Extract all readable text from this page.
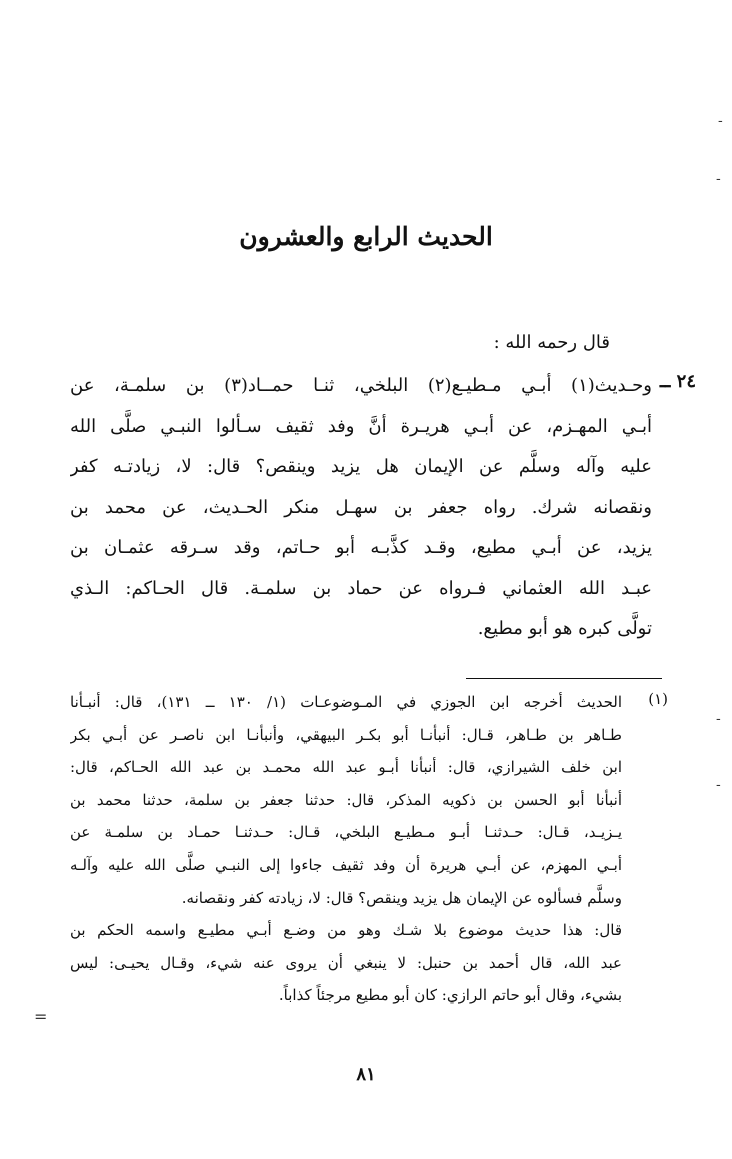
-
-
-
-
=
الحديث الرابع والعشرون
قال رحمه الله :
٢٤ ــ
وحـديث(١) أبـي مـطيـع(٢) البلخي، ثنـا حمــاد(٣) بن سلمـة، عن
أبـي المهـزم، عن أبـي هريـرة أنَّ وفد ثقيف سـألوا النبـي صلَّى الله
عليه وآله وسلَّم عن الإيمان هل يزيد وينقص؟ قال: لا، زيادتـه كفر
ونقصانه شرك. رواه جعفر بن سهـل منكر الحـديث، عن محمد بن
يزيد، عن أبـي مطيع، وقـد كذَّبـه أبو حـاتم، وقد سـرقه عثمـان بن
عبـد الله العثماني فـرواه عن حماد بن سلمـة. قال الحـاكم: الـذي
تولَّى كبره هو أبو مطيع.
(١)
الحديث أخرجه ابن الجوزي في المـوضوعـات (١/ ١٣٠ ــ ١٣١)، قال: أنبـأنا
طـاهر بن طـاهر، قـال: أنبأنـا أبو بكـر البيهقي، وأنبأنـا ابن ناصـر عن أبـي بكر
ابن خلف الشيرازي، قال: أنبأنا أبـو عبد الله محمـد بن عبد الله الحـاكم، قال:
أنبأنا أبو الحسن بن ذكويه المذكر، قال: حدثنا جعفر بن سلمة، حدثنا محمد بن
يـزيـد، قـال: حـدثنـا أبـو مـطيـع البلخي، قـال: حـدثنـا حمـاد بن سلمـة عن
أبـي المهزم، عن أبـي هريرة أن وفد ثقيف جاءوا إلى النبـي صلَّى الله عليه وآلـه
وسلَّم فسألوه عن الإيمان هل يزيد وينقص؟ قال: لا، زيادته كفر ونقصانه.
قال: هذا حديث موضوع بلا شـك وهو من وضـع أبـي مطيـع واسمه الحكم بن
عبد الله، قال أحمد بن حنبل: لا ينبغي أن يروى عنه شيء، وقـال يحيـى: ليس
بشيء، وقال أبو حاتم الرازي: كان أبو مطيع مرجئاً كذاباً.
٨١
